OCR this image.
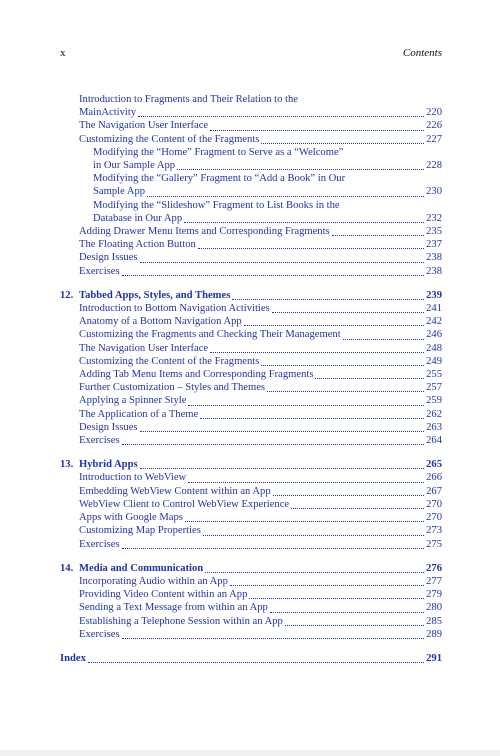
x	Contents
Introduction to Fragments and Their Relation to the
MainActivity	220
The Navigation User Interface	226
Customizing the Content of the Fragments	227
Modifying the “Home” Fragment to Serve as a “Welcome”
in Our Sample App	228
Modifying the “Gallery” Fragment to “Add a Book” in Our
Sample App	230
Modifying the “Slideshow” Fragment to List Books in the
Database in Our App	232
Adding Drawer Menu Items and Corresponding Fragments	235
The Floating Action Button	237
Design Issues	238
Exercises	238
12. Tabbed Apps, Styles, and Themes	239
Introduction to Bottom Navigation Activities	241
Anatomy of a Bottom Navigation App	242
Customizing the Fragments and Checking Their Management	246
The Navigation User Interface	248
Customizing the Content of the Fragments	249
Adding Tab Menu Items and Corresponding Fragments	255
Further Customization – Styles and Themes	257
Applying a Spinner Style	259
The Application of a Theme	262
Design Issues	263
Exercises	264
13. Hybrid Apps	265
Introduction to WebView	266
Embedding WebView Content within an App	267
WebView Client to Control WebView Experience	270
Apps with Google Maps	270
Customizing Map Properties	273
Exercises	275
14. Media and Communication	276
Incorporating Audio within an App	277
Providing Video Content within an App	279
Sending a Text Message from within an App	280
Establishing a Telephone Session within an App	285
Exercises	289
Index	291
